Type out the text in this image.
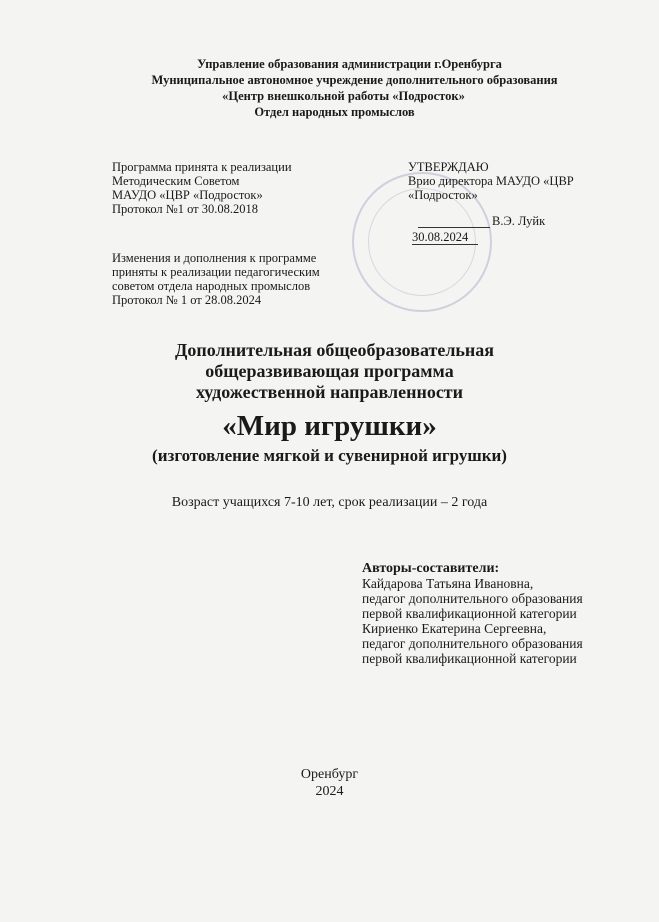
Управление образования администрации г.Оренбурга
Муниципальное автономное учреждение дополнительного образования
«Центр внешкольной работы «Подросток»
Отдел народных промыслов
Программа принята к реализации
Методическим Советом
МАУДО «ЦВР «Подросток»
Протокол №1 от 30.08.2018
Изменения и дополнения к программе
приняты к реализации педагогическим
советом отдела народных промыслов
Протокол № 1 от 28.08.2024
УТВЕРЖДАЮ
Врио директора МАУДО «ЦВР
«Подросток»
В.Э. Луйк
30.08.2024
Дополнительная общеобразовательная
общеразвивающая программа
художественной направленности
«Мир игрушки»
(изготовление мягкой и сувенирной игрушки)
Возраст учащихся 7-10 лет, срок реализации – 2 года
Авторы-составители:
Кайдарова Татьяна Ивановна,
педагог дополнительного образования
первой квалификационной категории
Кириенко Екатерина Сергеевна,
педагог дополнительного образования
первой квалификационной категории
Оренбург
2024
